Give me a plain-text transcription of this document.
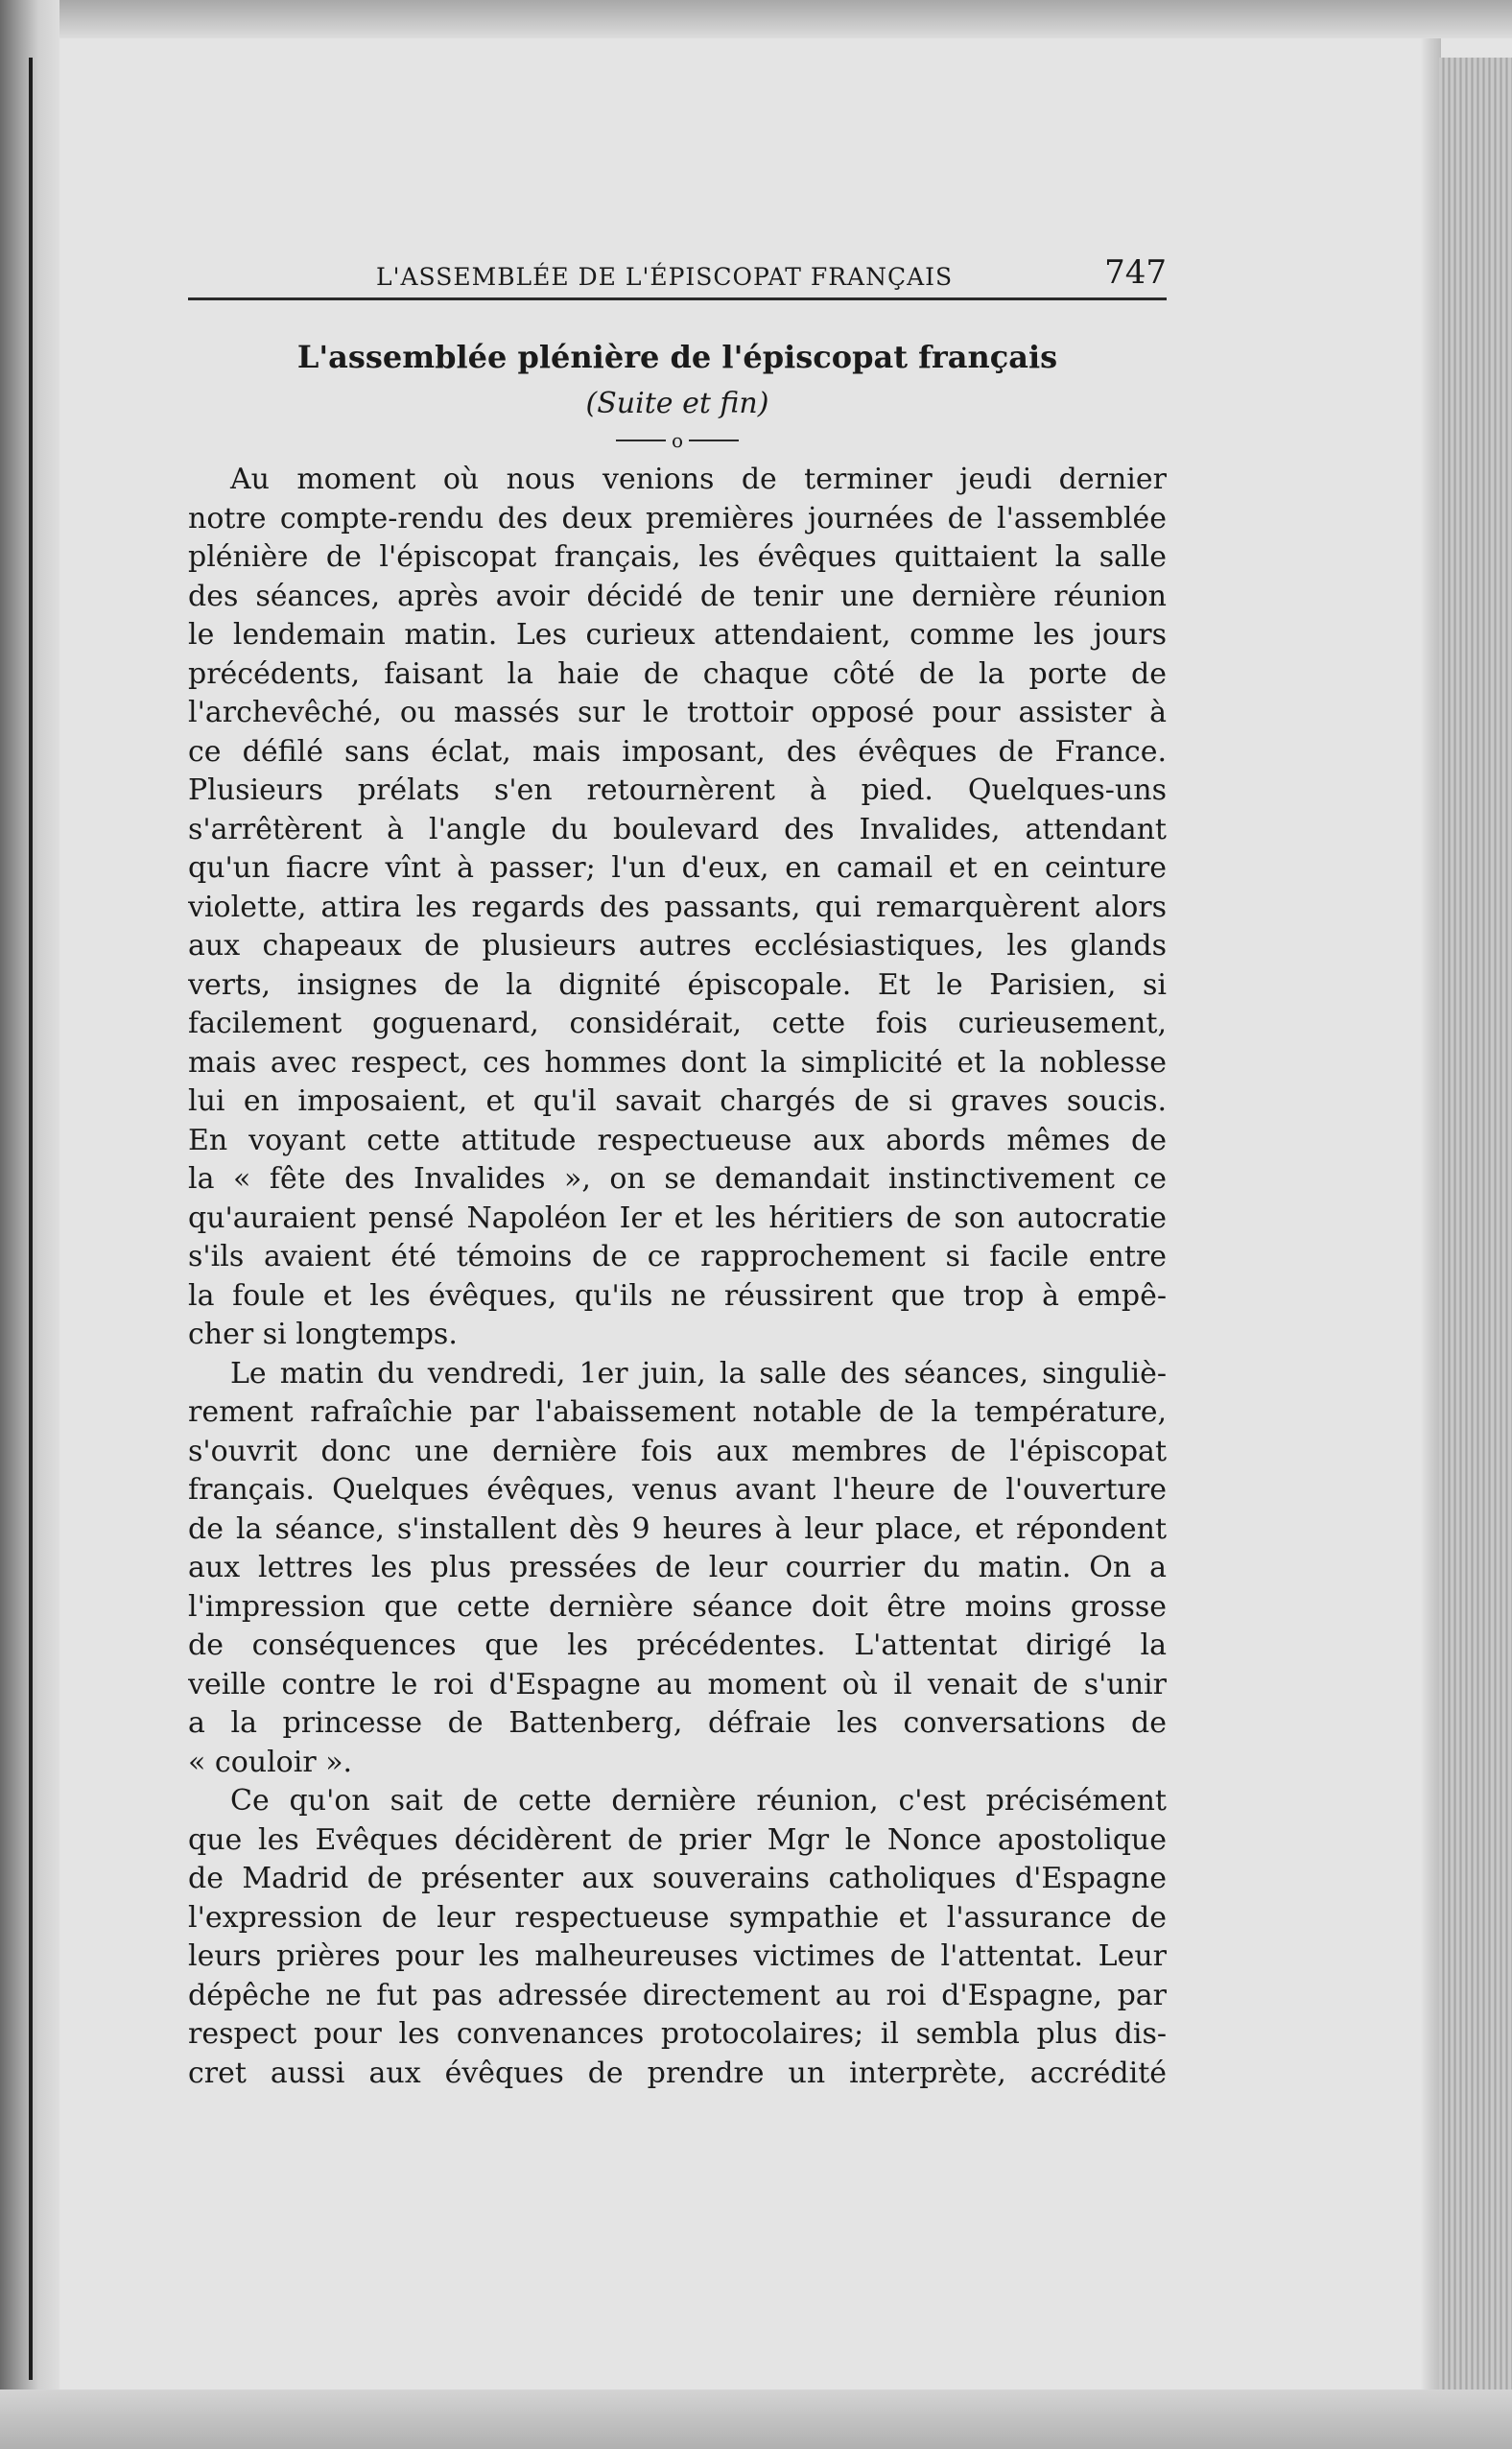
L'ASSEMBLÉE DE L'ÉPISCOPAT FRANÇAIS	747
L'assemblée plénière de l'épiscopat français
(Suite et fin)
o
Au moment où nous venions de terminer jeudi dernier
notre compte-rendu des deux premières journées de l'assemblée
plénière de l'épiscopat français, les évêques quittaient la salle
des séances, après avoir décidé de tenir une dernière réunion
le lendemain matin. Les curieux attendaient, comme les jours
précédents, faisant la haie de chaque côté de la porte de
l'archevêché, ou massés sur le trottoir opposé pour assister à
ce défilé sans éclat, mais imposant, des évêques de France.
Plusieurs prélats s'en retournèrent à pied. Quelques-uns
s'arrêtèrent à l'angle du boulevard des Invalides, attendant
qu'un fiacre vînt à passer; l'un d'eux, en camail et en ceinture
violette, attira les regards des passants, qui remarquèrent alors
aux chapeaux de plusieurs autres ecclésiastiques, les glands
verts, insignes de la dignité épiscopale. Et le Parisien, si
facilement goguenard, considérait, cette fois curieusement,
mais avec respect, ces hommes dont la simplicité et la noblesse
lui en imposaient, et qu'il savait chargés de si graves soucis.
En voyant cette attitude respectueuse aux abords mêmes de
la « fête des Invalides », on se demandait instinctivement ce
qu'auraient pensé Napoléon Ier et les héritiers de son autocratie
s'ils avaient été témoins de ce rapprochement si facile entre
la foule et les évêques, qu'ils ne réussirent que trop à empê-
cher si longtemps.
Le matin du vendredi, 1er juin, la salle des séances, singuliè-
rement rafraîchie par l'abaissement notable de la température,
s'ouvrit donc une dernière fois aux membres de l'épiscopat
français. Quelques évêques, venus avant l'heure de l'ouverture
de la séance, s'installent dès 9 heures à leur place, et répondent
aux lettres les plus pressées de leur courrier du matin. On a
l'impression que cette dernière séance doit être moins grosse
de conséquences que les précédentes. L'attentat dirigé la
veille contre le roi d'Espagne au moment où il venait de s'unir
a la princesse de Battenberg, défraie les conversations de
« couloir ».
Ce qu'on sait de cette dernière réunion, c'est précisément
que les Evêques décidèrent de prier Mgr le Nonce apostolique
de Madrid de présenter aux souverains catholiques d'Espagne
l'expression de leur respectueuse sympathie et l'assurance de
leurs prières pour les malheureuses victimes de l'attentat. Leur
dépêche ne fut pas adressée directement au roi d'Espagne, par
respect pour les convenances protocolaires; il sembla plus dis-
cret aussi aux évêques de prendre un interprète, accrédité
